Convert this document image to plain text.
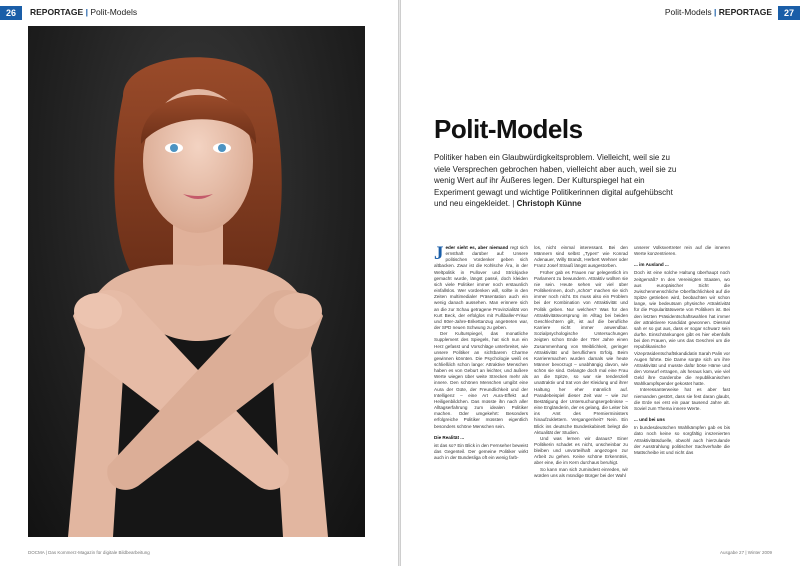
26	REPORTAGE | Polit-Models
DOCMA | Das Kommerz-Magazin für digitale Bildbearbeitung
Polit-Models | REPORTAGE	27
Polit-Models
Politiker haben ein Glaubwürdigkeitsproblem. Vielleicht, weil sie zu viele Versprechen gebrochen haben, vielleicht aber auch, weil sie zu wenig Wert auf ihr Äußeres legen. Der Kulturspiegel hat ein Experiment gewagt und wichtige Politikerinnen digital aufgehübscht und neu eingekleidet. | Christoph Künne

Jeder sieht es, aber niemand regt sich ernsthaft darüber auf: Unsere politischen Vordenker geben sich altbacken. Zwar ist die Kohlsche Ära, in der Weltpolitik in Pullover und Strickjacke gemacht wurde, längst passé, doch kleiden sich viele Politiker immer noch erstaunlich einfallslos. Wer vordenken will, sollte in den Zeiten multimedialer Präsentation auch ein wenig danach aussehen. Man erinnere sich an die zur Schau getragene Provinzialität von Kurt Beck, der erfolglos mit Fußballer-Frisur und 80er-Jahre-Brikettanzug angetreten war, der SPD neuen Schwung zu geben.

Der Kulturspiegel, das monatliche Supplement des Spiegels, hat sich nun ein Herz gefasst und Vorschläge unterbreitet, wie unsere Politiker an sichtbarem Charme gewinnen könnten. Die Psychologie weiß es schließlich schon lange: Attraktive Menschen haben es von Geburt an leichter, und äußere Werte wiegen über weite Strecken mehr als innere. Den schönen Menschen umgibt eine Aura der Güte, der Freundlichkeit und der Intelligenz – eine Art Aura-Effekt auf Heiligenbildchen. Das müsste ihn nach aller Alltagserfahrung zum idealen Politiker machen. Oder umgekehrt: Besonders erfolgreiche Politiker müssten eigentlich besonders schöne Menschen sein.

Die Realität ...

ist das so? Ein Blick in den Fernseher beweist das Gegenteil. Der gemeine Politiker wirkt auch in der Bundesliga oft ein wenig farb-

los, nicht einmal interessant. Bei den Männern sind selbst „Typen" wie Konrad Adenauer, Willy Brandt, Herbert Wehner oder Franz Josef Strauß längst ausgestorben.

Früher gab es Frauen nur gelegentlich im Parlament zu bewundern. Attraktiv wollten sie nie sein. Heute sehen wir viel über Politikerinnen, doch „schön" machen sie sich immer noch nicht. Es muss also ein Problem bei der Kombination von Attraktivität und Politik geben. Nur welches? Was für den Attraktivitätsvorsprung im Alltag bei beiden Geschlechtern gilt, ist auf die berufliche Karriere nicht immer anwendbar. Sozialpsychologische Untersuchungen zeigten schon Ende der 70er Jahre einen Zusammenhang von Weiblichkeit, geringer Attraktivität und beruflichem Erfolg. Beim Karrieremachen wurden damals wie heute Männer bevorzugt – unabhängig davon, wie schön sie sind. Gelangte doch mal eine Frau an die Spitze, so war sie tendenziell unattraktiv und trat von der Kleidung und ihrer Haltung her eher männlich auf. Paradebeispiel dieser Zeit war – wie zur Bestätigung der Untersuchungsergebnisse – eine Engländerin, der es gelang, die Leiter bis ins Amt des Premierministers hinaufzuklettern. Vergangenheit? Nein. Ein Blick ins deutsche Bundeskabinett belegt die Aktualität der Studien.

Und was lernen wir daraus? Einer Politikerin schadet es nicht, unscheinbar zu bleiben und unvorteilhaft angezogen zur Arbeit zu gehen. Keine schöne Erkenntnis, aber eine, die im Kern durchaus beruhigt.

So kann man sich zumindest einreden, wir würden uns als mündige Bürger bei der Wahl

unserer Volksvertreter rein auf die inneren Werte konzentrieren.

... im Ausland ...

Doch ist eine solche Haltung überhaupt noch zeitgemäß? In den Vereinigten Staaten, wo aus europäischer Sicht die zwischenmenschliche Oberflächlichkeit auf die Spitze getrieben wird, beobachten wir schon lange, wie bedeutsam physische Attraktivität für die Popularitätswerte von Politikern ist. Bei den letzten Präsidentschaftswahlen hat immer der attraktivere Kandidat gewonnen. Diesmal sah er so gut aus, dass er sogar schwarz sein durfte. Einschränkungen gibt es hier ebenfalls bei den Frauen, wie uns das Geschrei um die republikanische Vizepräsidentschaftskandidatin Sarah Palin vor Augen führte. Die Dame sorgte sich um ihre Attraktivität und musste dafür böse Häme und den Vorwurf ertragen, als heraus kam, wie viel Geld ihre Garderobe die republikanischen Wahlkampfspender gekostet hatte.

Interessanterweise hat es aber fast niemanden gestört, dass sie fest daran glaubt, die Erde sei erst ein paar tausend Jahre alt. Soviel zum Thema innere Werte.

... und bei uns

In bundesdeutschen Wahlkämpfen gab es bis dato noch keine so sorgfältig inszenierten Attraktivitätsduelle, obwohl auch hierzulande der Ausstrahlung politischer Sachverhalte die Mattscheibe ist und nicht das

Ausgabe 27 | Winter 2009
